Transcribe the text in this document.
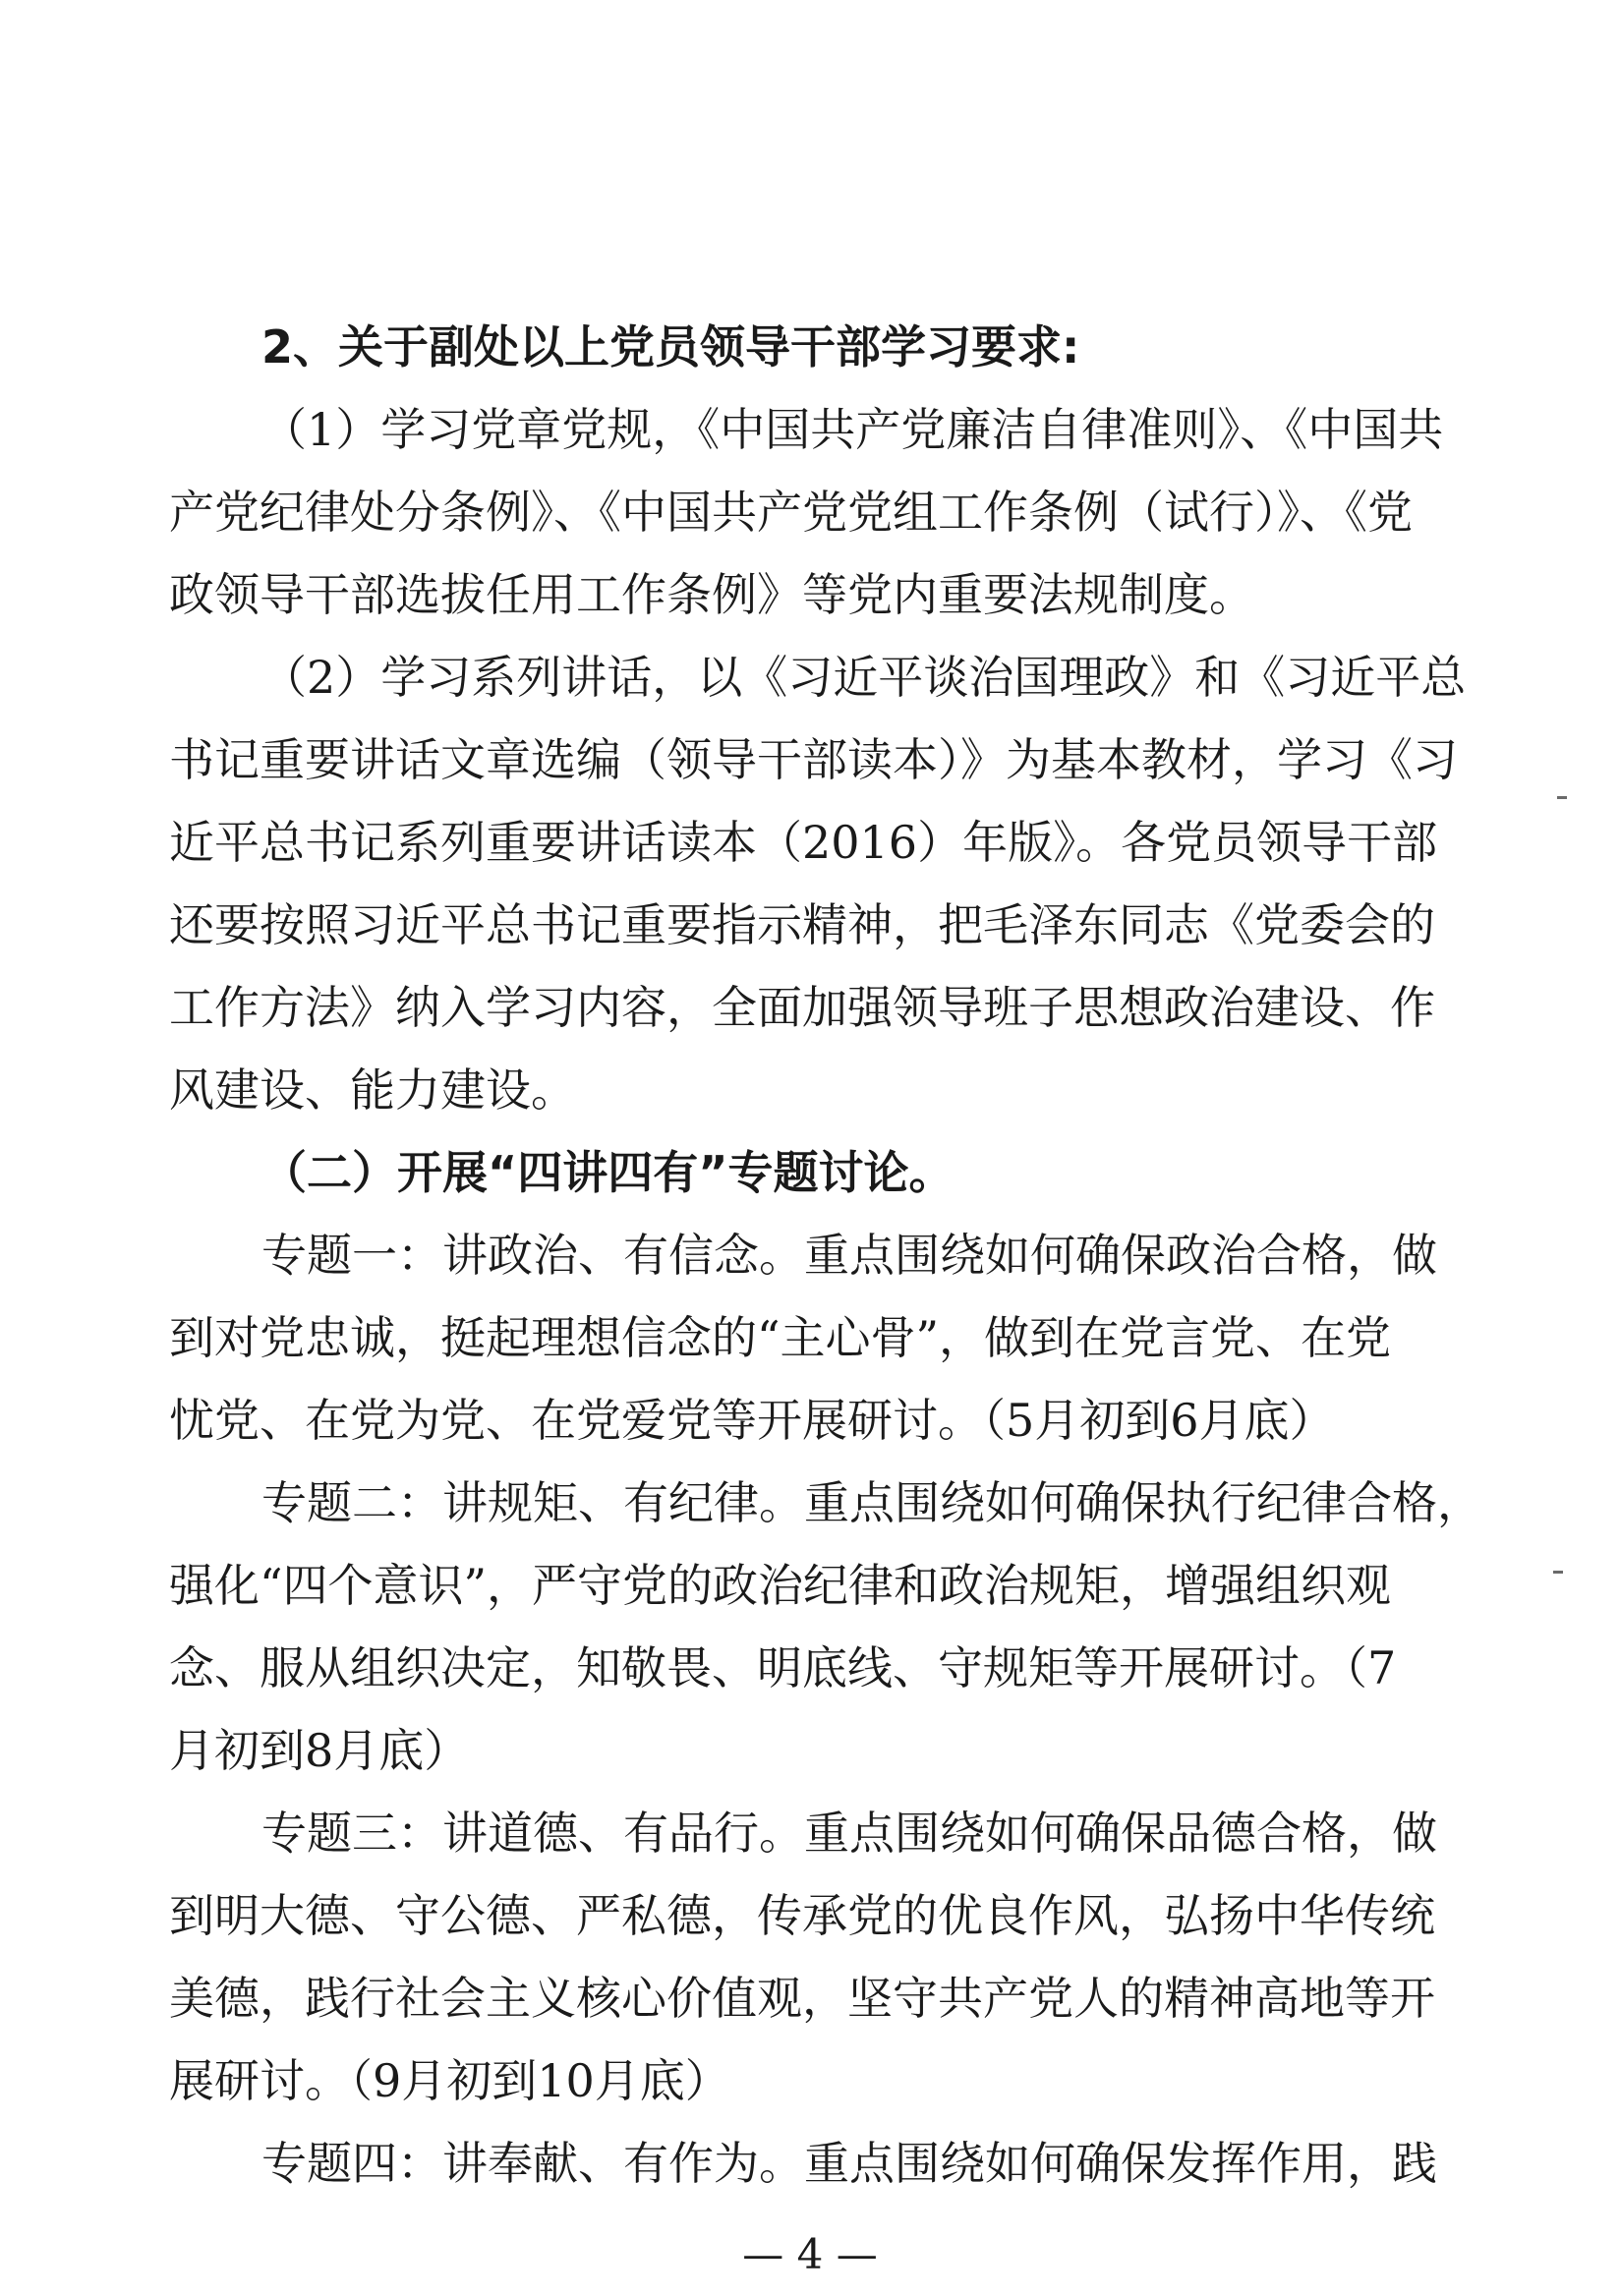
2、关于副处以上党员领导干部学习要求:
（1）学习党章党规，《中国共产党廉洁自律准则》、《中国共
产党纪律处分条例》、《中国共产党党组工作条例（试行）》、《党
政领导干部选拔任用工作条例》等党内重要法规制度。
（2）学习系列讲话，以《习近平谈治国理政》和《习近平总
书记重要讲话文章选编（领导干部读本）》为基本教材，学习《习
近平总书记系列重要讲话读本（2016）年版》。各党员领导干部
还要按照习近平总书记重要指示精神，把毛泽东同志《党委会的
工作方法》纳入学习内容，全面加强领导班子思想政治建设、作
风建设、能力建设。
（二）开展“四讲四有”专题讨论。
专题一：讲政治、有信念。重点围绕如何确保政治合格，做
到对党忠诚，挺起理想信念的“主心骨”，做到在党言党、在党
忧党、在党为党、在党爱党等开展研讨。（5月初到6月底）
专题二：讲规矩、有纪律。重点围绕如何确保执行纪律合格，
强化“四个意识”，严守党的政治纪律和政治规矩，增强组织观
念、服从组织决定，知敬畏、明底线、守规矩等开展研讨。（7
月初到8月底）
专题三：讲道德、有品行。重点围绕如何确保品德合格，做
到明大德、守公德、严私德，传承党的优良作风，弘扬中华传统
美德，践行社会主义核心价值观，坚守共产党人的精神高地等开
展研讨。（9月初到10月底）
专题四：讲奉献、有作为。重点围绕如何确保发挥作用，践
— 4 —
